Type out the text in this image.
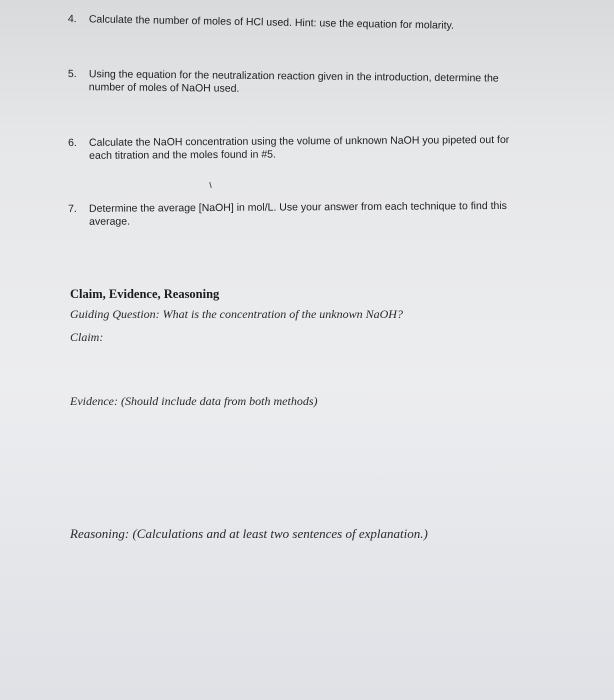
4. Calculate the number of moles of HCl used. Hint: use the equation for molarity.
5. Using the equation for the neutralization reaction given in the introduction, determine the number of moles of NaOH used.
6. Calculate the NaOH concentration using the volume of unknown NaOH you pipeted out for each titration and the moles found in #5.
7. Determine the average [NaOH] in mol/L. Use your answer from each technique to find this average.
Claim, Evidence, Reasoning
Guiding Question: What is the concentration of the unknown NaOH?
Claim:
Evidence: (Should include data from both methods)
Reasoning: (Calculations and at least two sentences of explanation.)
